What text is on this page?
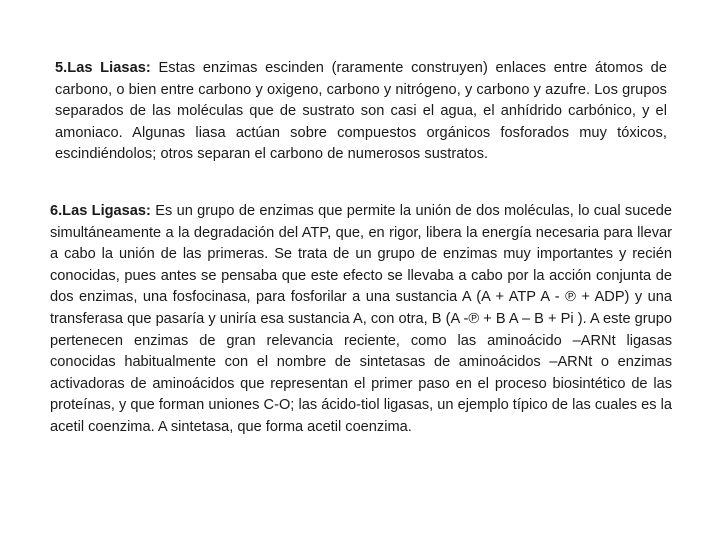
5.Las Liasas: Estas enzimas escinden (raramente construyen) enlaces entre átomos de carbono, o bien entre carbono y oxigeno, carbono y nitrógeno, y carbono y azufre. Los grupos separados de las moléculas que de sustrato son casi el agua, el anhídrido carbónico, y el amoniaco. Algunas liasa actúan sobre compuestos orgánicos fosforados muy tóxicos, escindiéndolos; otros separan el carbono de numerosos sustratos.

6.Las Ligasas: Es un grupo de enzimas que permite la unión de dos moléculas, lo cual sucede simultáneamente a la degradación del ATP, que, en rigor, libera la energía necesaria para llevar a cabo la unión de las primeras. Se trata de un grupo de enzimas muy importantes y recién conocidas, pues antes se pensaba que este efecto se llevaba a cabo por la acción conjunta de dos enzimas, una fosfocinasa, para fosforilar a una sustancia A (A + ATP A - ℗ + ADP) y una transferasa que pasaría y uniría esa sustancia A, con otra, B (A -℗ + B A – B + Pi ). A este grupo pertenecen enzimas de gran relevancia reciente, como las aminoácido –ARNt ligasas conocidas habitualmente con el nombre de sintetasas de aminoácidos –ARNt o enzimas activadoras de aminoácidos que representan el primer paso en el proceso biosintético de las proteínas, y que forman uniones C-O; las ácido-tiol ligasas, un ejemplo típico de las cuales es la acetil coenzima. A sintetasa, que forma acetil coenzima.
